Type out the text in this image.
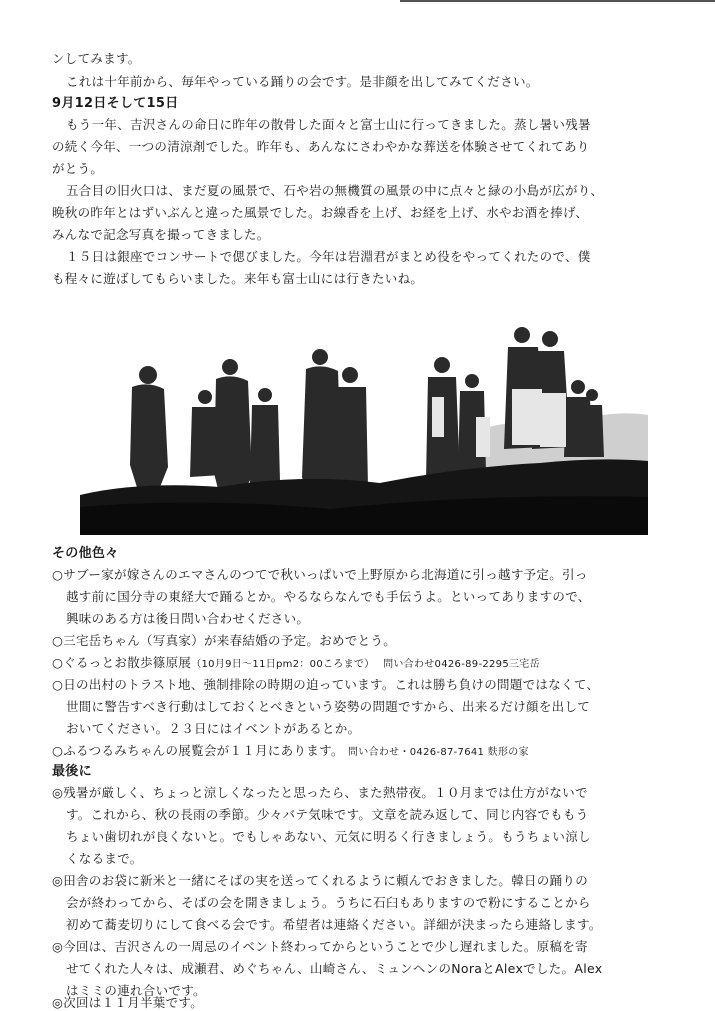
ンしてみます。
これは十年前から、毎年やっている踊りの会です。是非顔を出してみてください。
9月12日そして15日
もう一年、吉沢さんの命日に昨年の散骨した面々と富士山に行ってきました。蒸し暑い残暑
の続く今年、一つの清涼剤でした。昨年も、あんなにさわやかな葬送を体験させてくれてあり
がとう。
五合目の旧火口は、まだ夏の風景で、石や岩の無機質の風景の中に点々と緑の小島が広がり、
晩秋の昨年とはずいぶんと違った風景でした。お線香を上げ、お経を上げ、水やお酒を捧げ、
みんなで記念写真を撮ってきました。
１５日は銀座でコンサートで偲びました。今年は岩淵君がまとめ役をやってくれたので、僕
も程々に遊ばしてもらいました。来年も富士山には行きたいね。
その他色々
○サブー家が嫁さんのエマさんのつてで秋いっぱいで上野原から北海道に引っ越す予定。引っ
越す前に国分寺の東経大で踊るとか。やるならなんでも手伝うよ。といってありますので、
興味のある方は後日問い合わせください。
○三宅岳ちゃん（写真家）が来春結婚の予定。おめでとう。
○ぐるっとお散歩篠原展（10月9日～11日pm2：00ころまで） 問い合わせ0426-89-2295三宅岳
○日の出村のトラスト地、強制排除の時期の迫っています。これは勝ち負けの問題ではなくて、
世間に警告すべき行動はしておくとべきという姿勢の問題ですから、出来るだけ顔を出して
おいてください。２３日にはイベントがあるとか。
○ふるつるみちゃんの展覧会が１１月にあります。 問い合わせ・0426-87-7641 麩形の家
最後に
◎残暑が厳しく、ちょっと涼しくなったと思ったら、また熱帯夜。１０月までは仕方がないで
す。これから、秋の長雨の季節。少々バテ気味です。文章を読み返して、同じ内容でももう
ちょい歯切れが良くないと。でもしゃあない、元気に明るく行きましょう。もうちょい涼し
くなるまで。
◎田舎のお袋に新米と一緒にそばの実を送ってくれるように頼んでおきました。韓日の踊りの
会が終わってから、そばの会を開きましょう。うちに石臼もありますので粉にすることから
初めて蕎麦切りにして食べる会です。希望者は連絡ください。詳細が決まったら連絡します。
◎今回は、吉沢さんの一周忌のイベント終わってからということで少し遅れました。原稿を寄
せてくれた人々は、成瀬君、めぐちゃん、山崎さん、ミュンヘンのNoraとAlexでした。Alex
はミミの連れ合いです。
◎次回は１１月半葉です。
